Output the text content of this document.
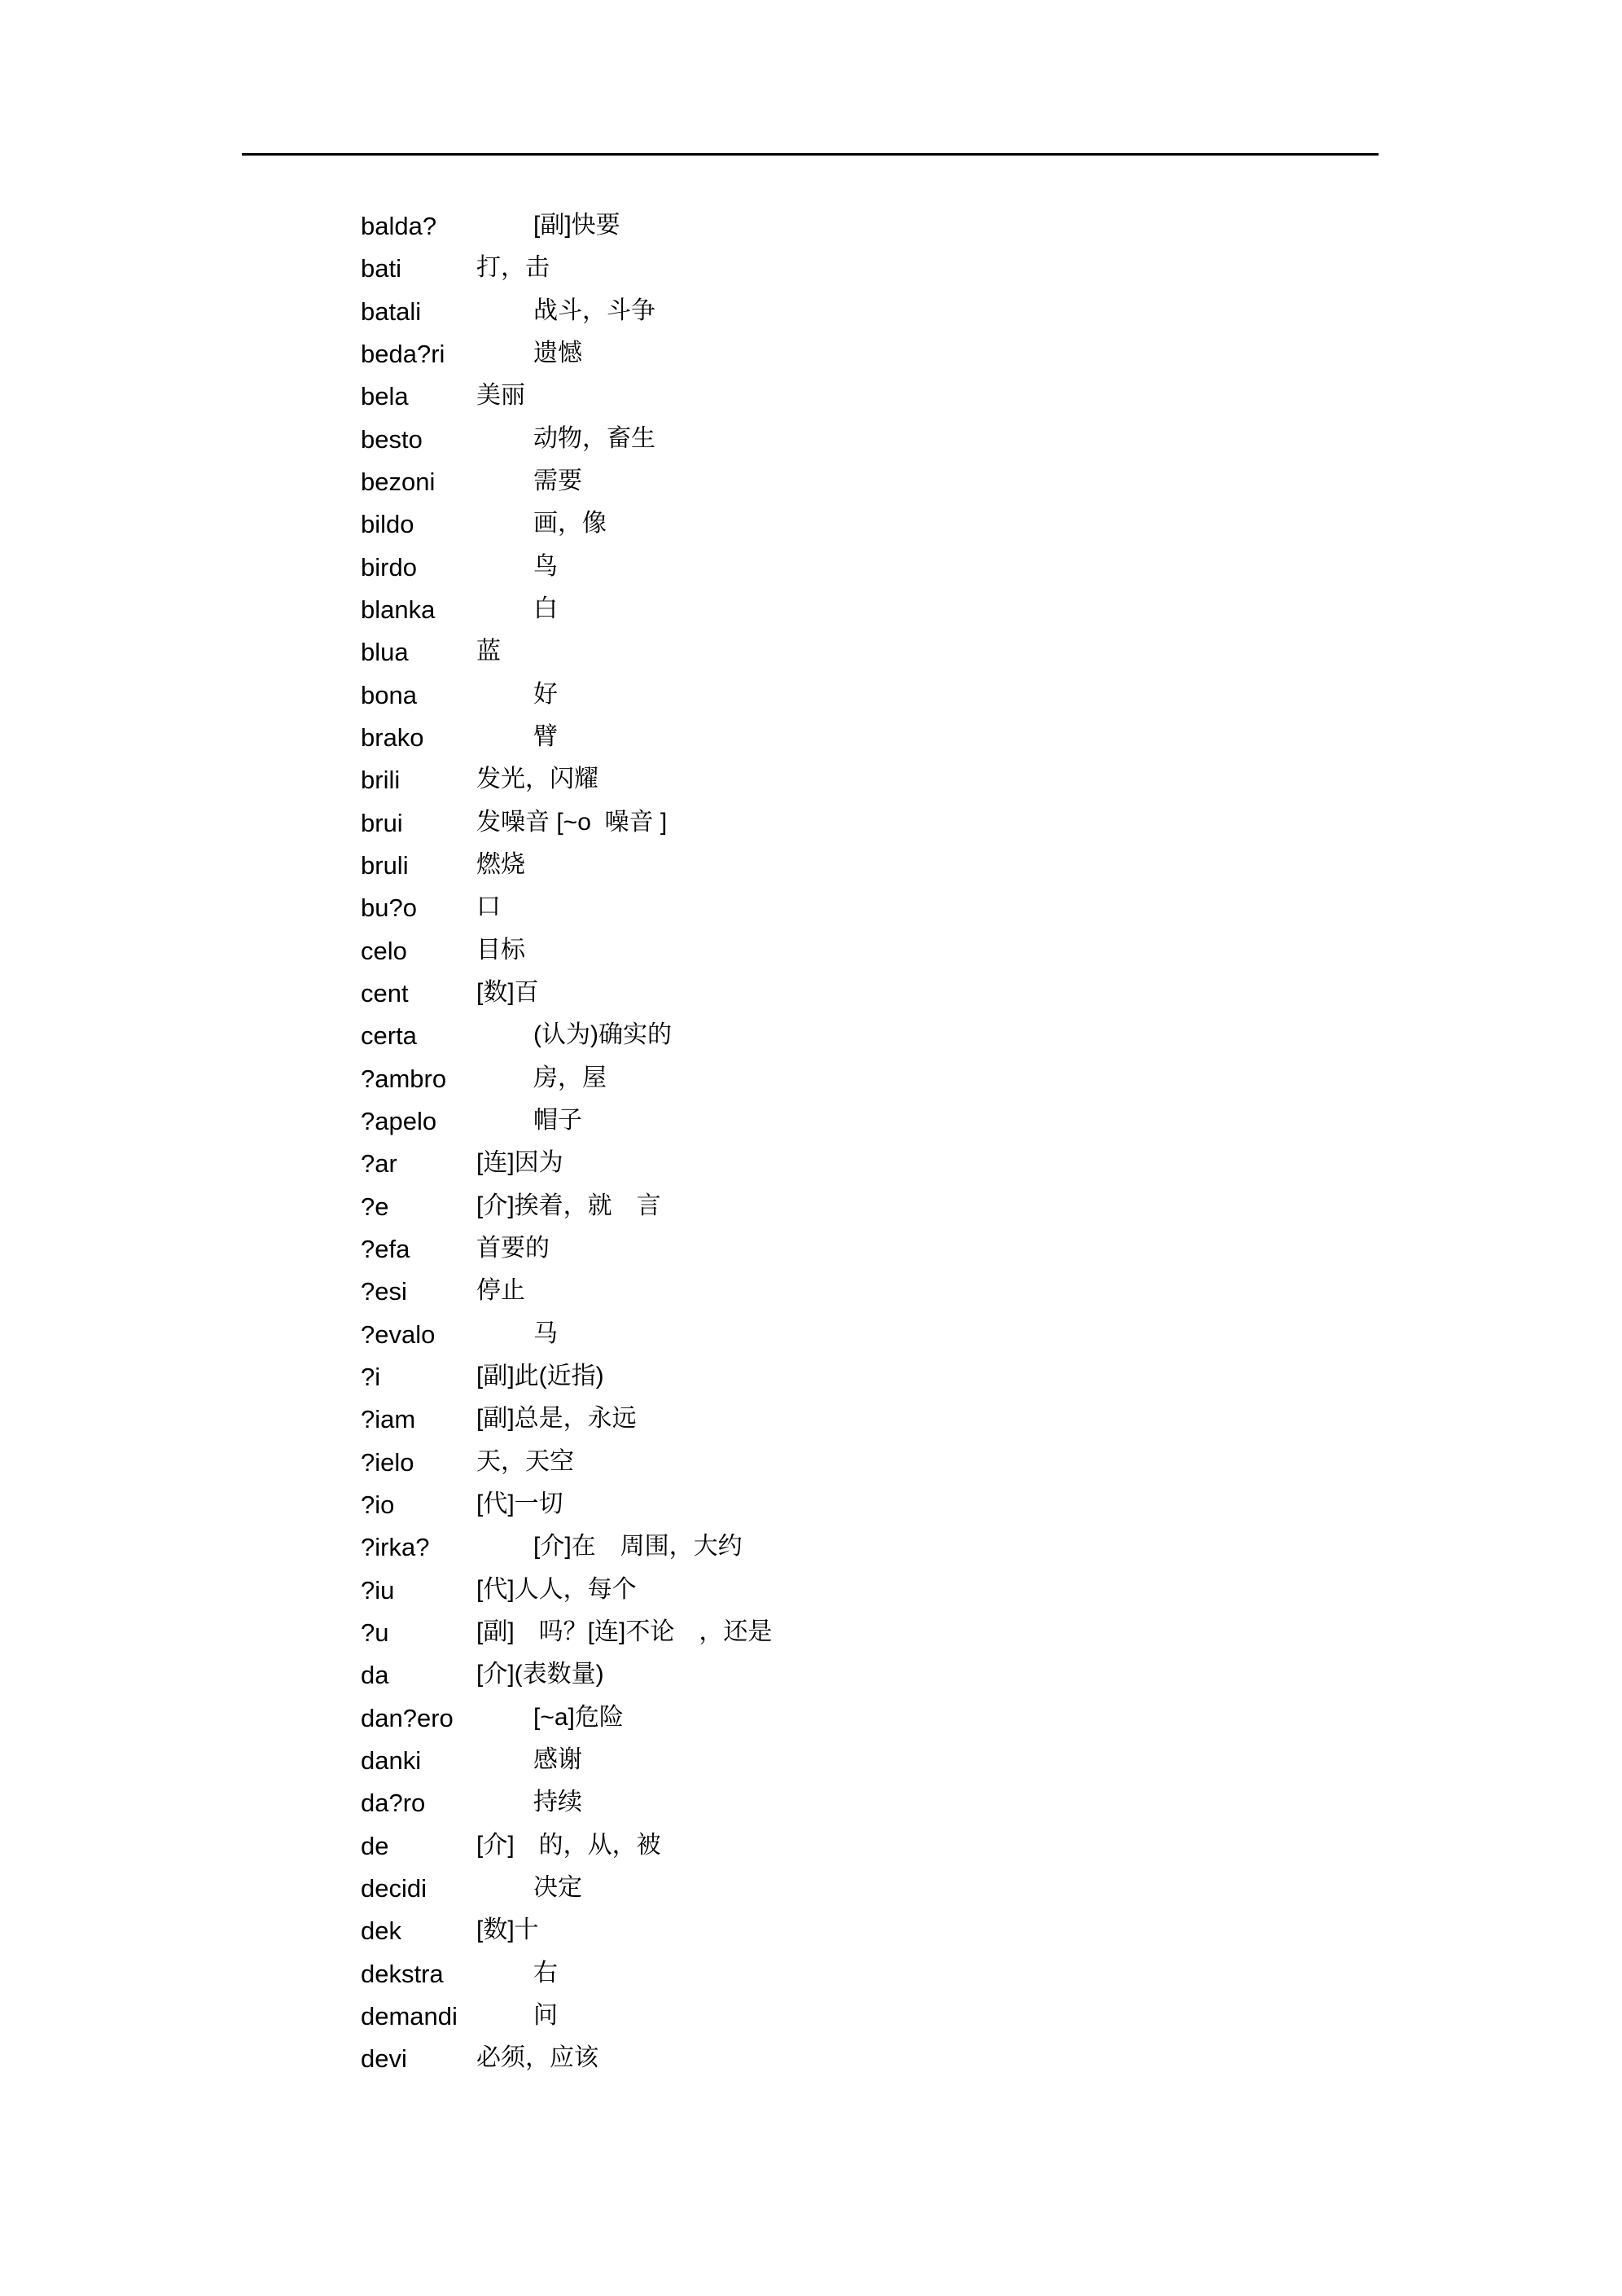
balda?	[副]快要
bati	打，击
batali	战斗，斗争
beda?ri	遗憾
bela	美丽
besto	动物，畜生
bezoni	需要
bildo	画，像
birdo	鸟
blanka	白
blua	蓝
bona	好
brako	臂
brili	发光，闪耀
brui	发噪音 [~o  噪音 ]
bruli	燃烧
bu?o 口
celo	目标
cent	[数]百
certa	(认为)确实的
?ambro	房，屋
?apelo	帽子
?ar	[连]因为
?e	[介]挨着，就　言
?efa	首要的
?esi	停止
?evalo	马
?i	[副]此(近指)
?iam [副]总是，永远
?ielo	天，天空
?io	[代]一切
?irka?	[介]在　周围，大约
?iu	[代]人人，每个
?u	[副]　吗？[连]不论　，还是
da	[介](表数量)
dan?ero	[~a]危险
danki	感谢
da?ro	持续
de	[介]　的，从，被
decidi	决定
dek	[数]十
dekstra	右
demandi	问
devi	必须，应该
